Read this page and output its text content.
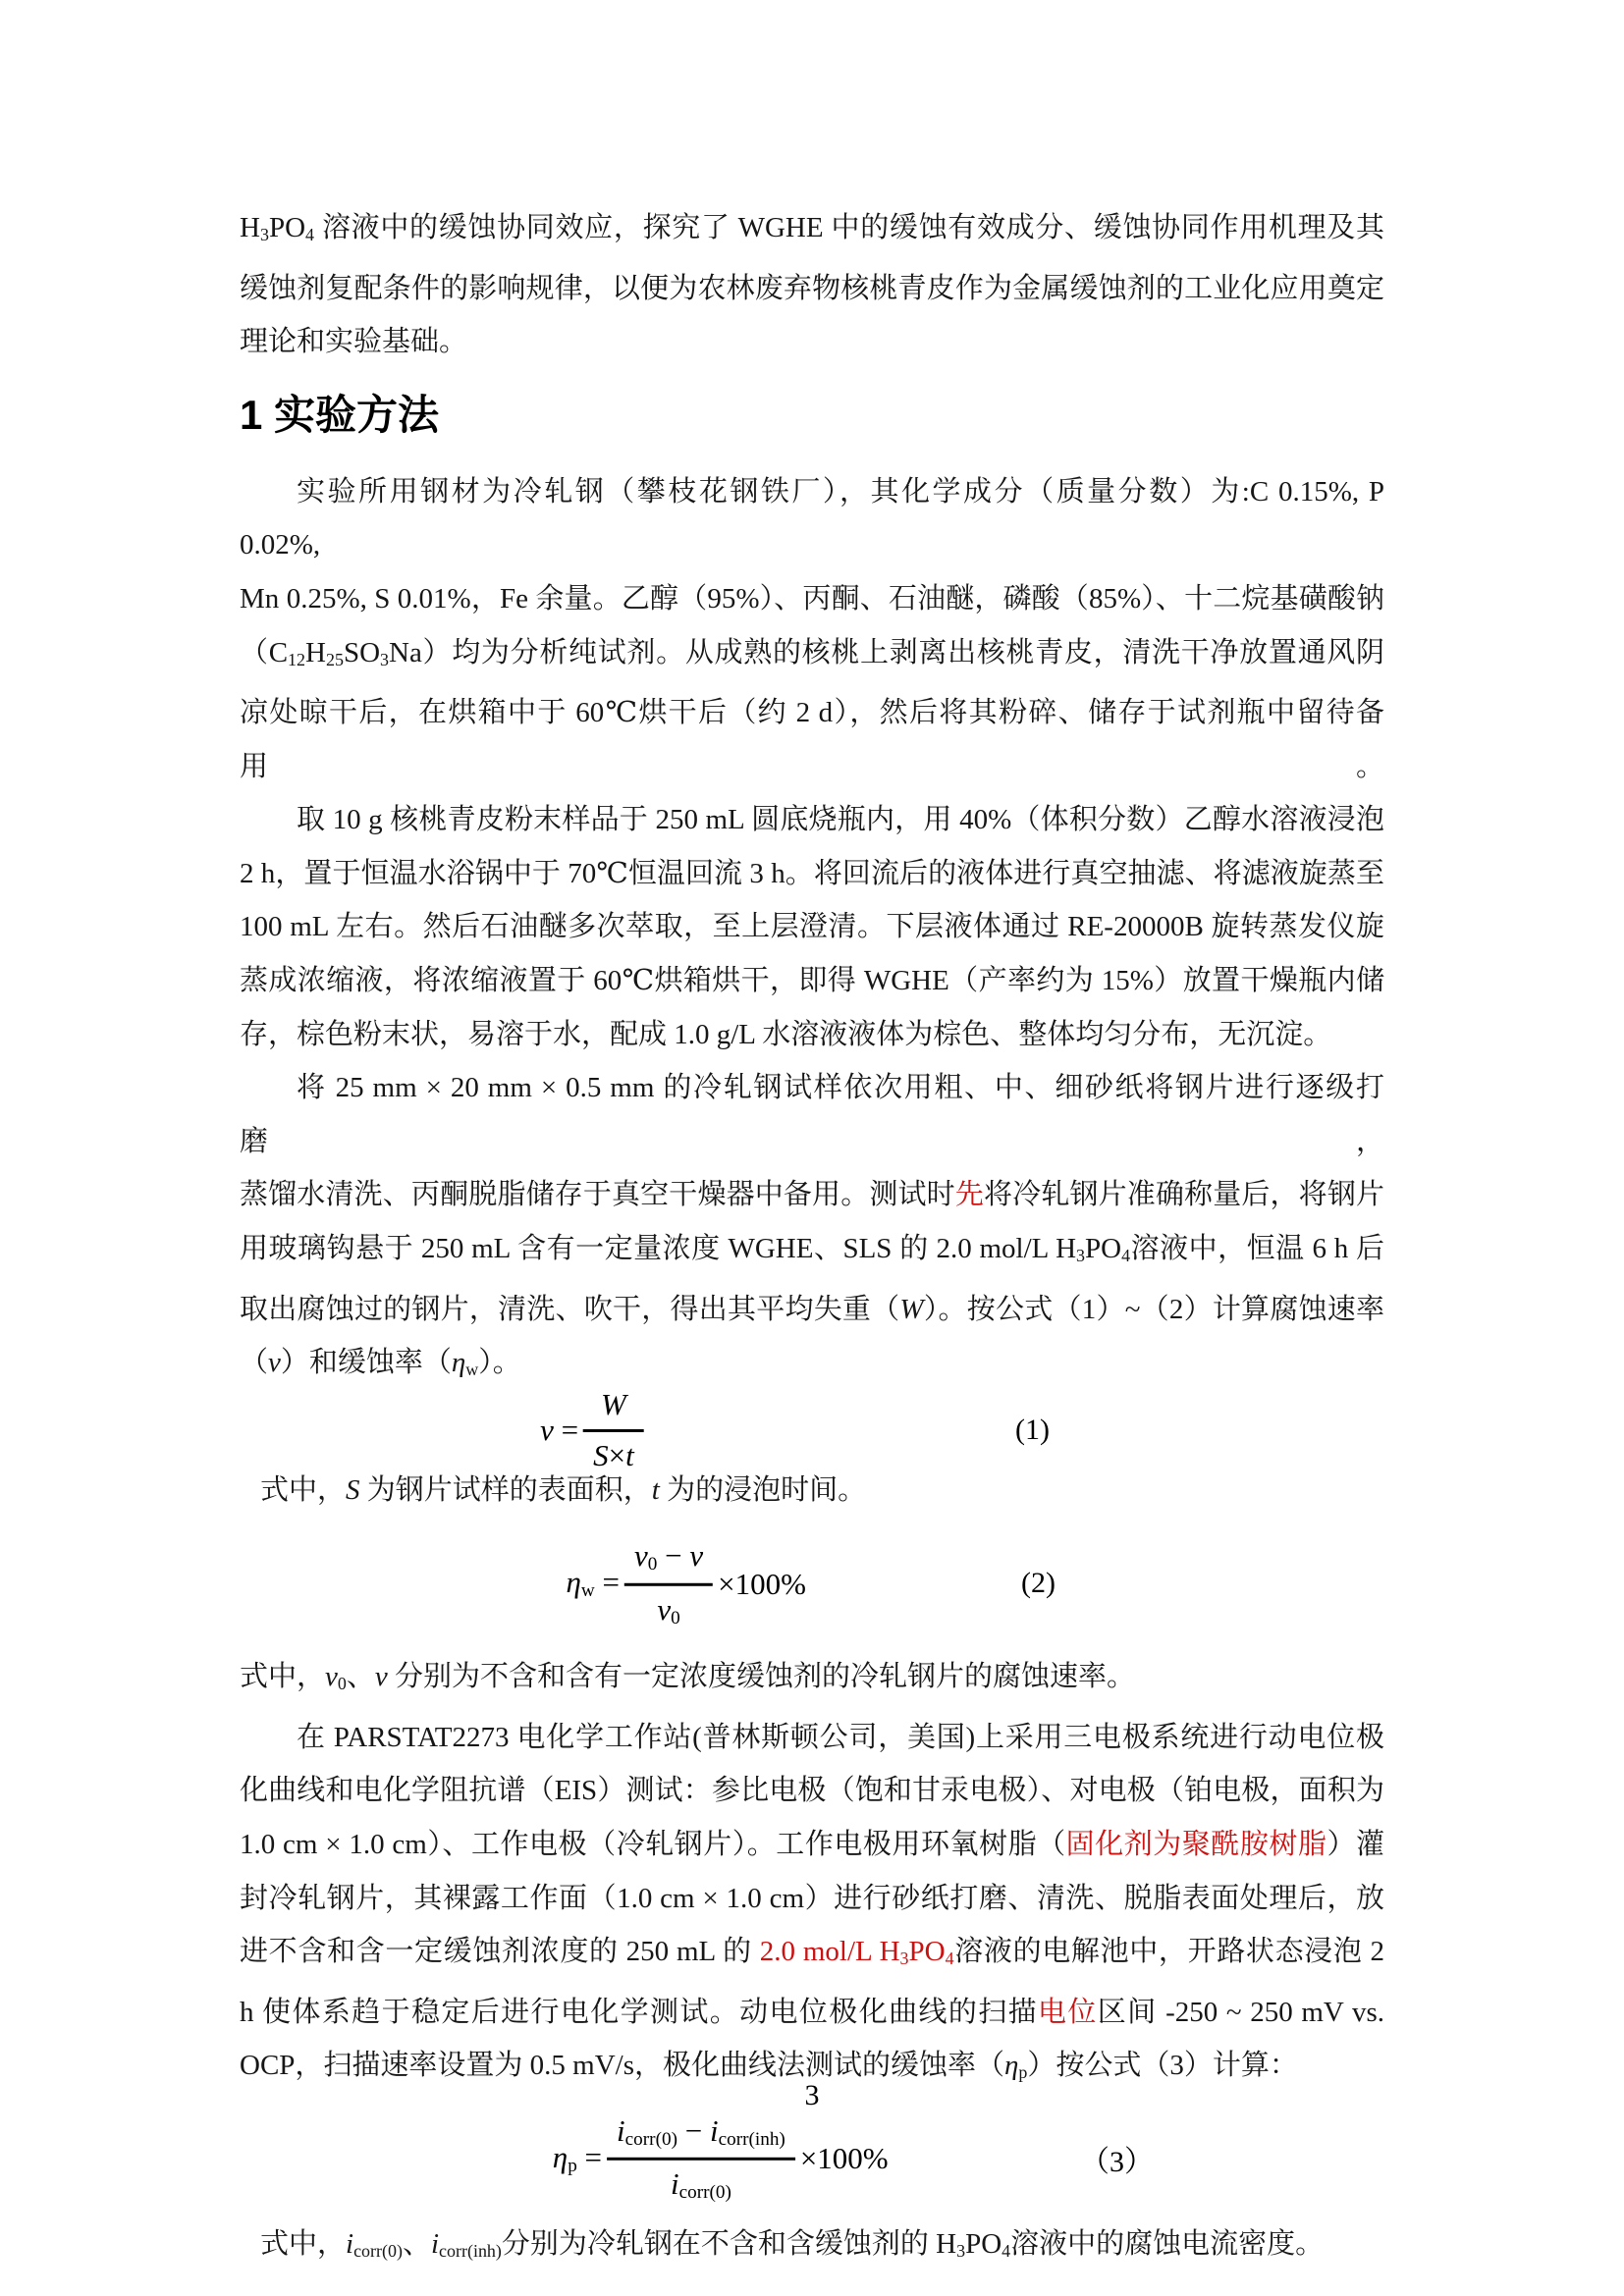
H3PO4 溶液中的缓蚀协同效应，探究了 WGHE 中的缓蚀有效成分、缓蚀协同作用机理及其
缓蚀剂复配条件的影响规律，以便为农林废弃物核桃青皮作为金属缓蚀剂的工业化应用奠定
理论和实验基础。
1 实验方法
实验所用钢材为冷轧钢（攀枝花钢铁厂），其化学成分（质量分数）为:C 0.15%, P 0.02%,
Mn 0.25%, S 0.01%，Fe 余量。乙醇（95%）、丙酮、石油醚，磷酸（85%）、十二烷基磺酸钠
（C12H25SO3Na）均为分析纯试剂。从成熟的核桃上剥离出核桃青皮，清洗干净放置通风阴
凉处晾干后，在烘箱中于 60℃烘干后（约 2 d），然后将其粉碎、储存于试剂瓶中留待备用。
取 10 g 核桃青皮粉末样品于 250 mL 圆底烧瓶内，用 40%（体积分数）乙醇水溶液浸泡
2 h，置于恒温水浴锅中于 70℃恒温回流 3 h。将回流后的液体进行真空抽滤、将滤液旋蒸至
100 mL 左右。然后石油醚多次萃取，至上层澄清。下层液体通过 RE-20000B 旋转蒸发仪旋
蒸成浓缩液，将浓缩液置于 60℃烘箱烘干，即得 WGHE（产率约为 15%）放置干燥瓶内储
存，棕色粉末状，易溶于水，配成 1.0 g/L 水溶液液体为棕色、整体均匀分布，无沉淀。
将 25 mm × 20 mm × 0.5 mm 的冷轧钢试样依次用粗、中、细砂纸将钢片进行逐级打磨，
蒸馏水清洗、丙酮脱脂储存于真空干燥器中备用。测试时先将冷轧钢片准确称量后，将钢片
用玻璃钩悬于 250 mL 含有一定量浓度 WGHE、SLS 的 2.0 mol/L H3PO4溶液中，恒温 6 h 后
取出腐蚀过的钢片，清洗、吹干，得出其平均失重（W）。按公式（1）~（2）计算腐蚀速率
（v）和缓蚀率（ηw）。
$v = \frac{W}{S\times t}$	(1)
式中，S 为钢片试样的表面积，t 为的浸泡时间。
$\eta w = \frac{v0 - v}{v0} \times 100\%$	(2)
式中，v0、v 分别为不含和含有一定浓度缓蚀剂的冷轧钢片的腐蚀速率。
在 PARSTAT2273 电化学工作站(普林斯顿公司，美国)上采用三电极系统进行动电位极
化曲线和电化学阻抗谱（EIS）测试：参比电极（饱和甘汞电极）、对电极（铂电极，面积为
1.0 cm × 1.0 cm）、工作电极（冷轧钢片）。工作电极用环氧树脂（固化剂为聚酰胺树脂）灌
封冷轧钢片，其裸露工作面（1.0 cm × 1.0 cm）进行砂纸打磨、清洗、脱脂表面处理后，放
进不含和含一定缓蚀剂浓度的 250 mL 的 2.0 mol/L H3PO4溶液的电解池中，开路状态浸泡 2
h 使体系趋于稳定后进行电化学测试。动电位极化曲线的扫描电位区间 -250 ~ 250 mV vs.
OCP，扫描速率设置为 0.5 mV/s，极化曲线法测试的缓蚀率（ηp）按公式（3）计算：
$\eta p = \frac{\text{icorr(0) − icorr(inh)}}{\text{icorr(0)}} \times 100\%$	（3）
式中，icorr(0)、icorr(inh)分别为冷轧钢在不含和含缓蚀剂的 H3PO4溶液中的腐蚀电流密度。
3
